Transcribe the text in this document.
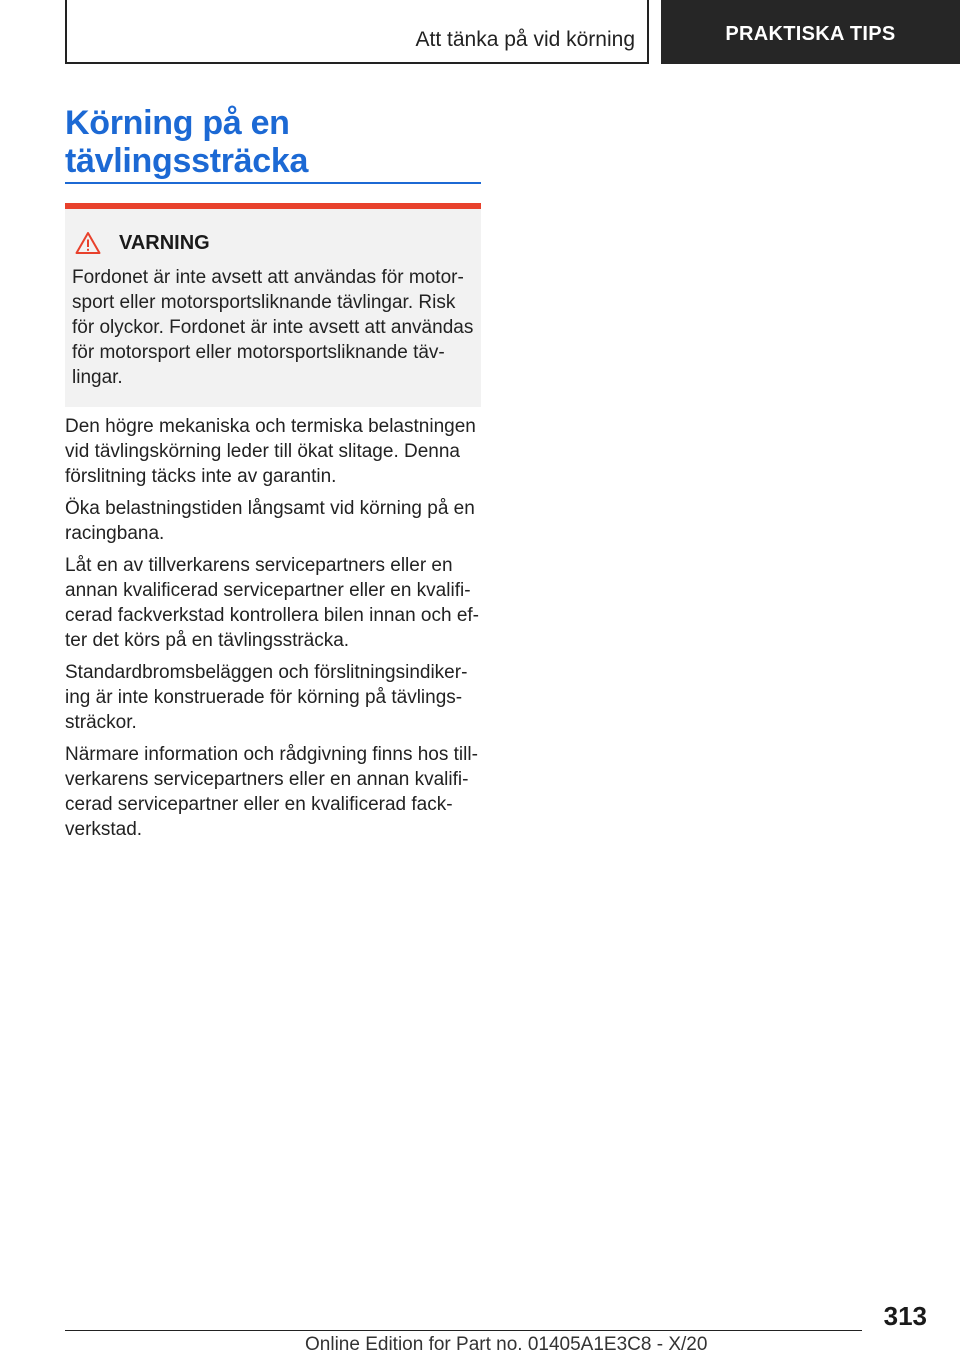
Att tänka på vid körning	PRAKTISKA TIPS
Körning på en
tävlingssträcka
VARNING

Fordonet är inte avsett att användas för motor-
sport eller motorsportsliknande tävlingar. Risk
för olyckor. Fordonet är inte avsett att användas
för motorsport eller motorsportsliknande täv-
lingar.

Den högre mekaniska och termiska belastningen
vid tävlingskörning leder till ökat slitage. Denna
förslitning täcks inte av garantin.

Öka belastningstiden långsamt vid körning på en
racingbana.

Låt en av tillverkarens servicepartners eller en
annan kvalificerad servicepartner eller en kvalifi-
cerad fackverkstad kontrollera bilen innan och ef-
ter det körs på en tävlingssträcka.

Standardbromsbeläggen och förslitningsindiker-
ing är inte konstruerade för körning på tävlings-
sträckor.

Närmare information och rådgivning finns hos till-
verkarens servicepartners eller en annan kvalifi-
cerad servicepartner eller en kvalificerad fack-
verkstad.

313
Online Edition for Part no. 01405A1E3C8 - X/20
